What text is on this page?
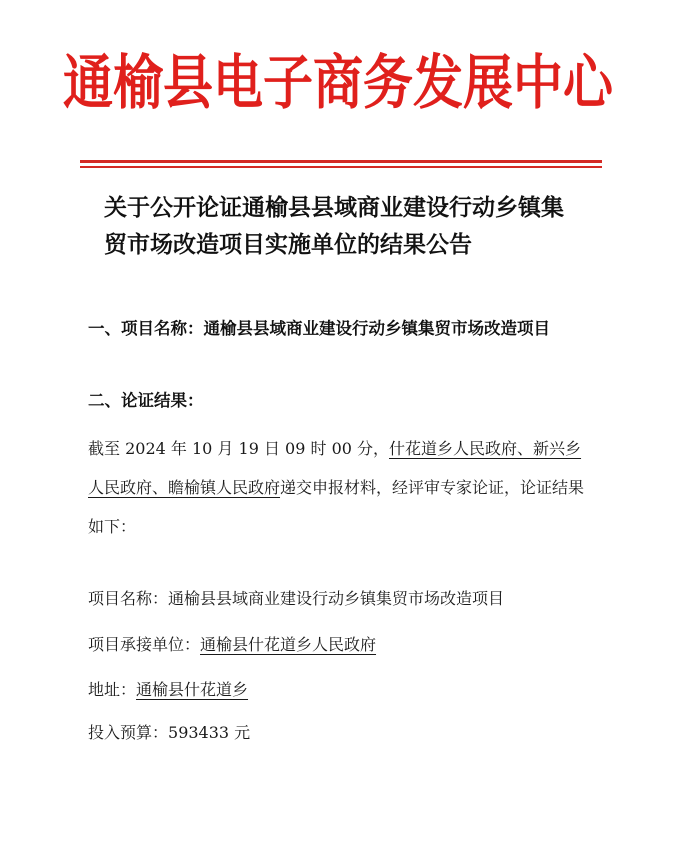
通榆县电子商务发展中心
关于公开论证通榆县县域商业建设行动乡镇集贸市场改造项目实施单位的结果公告
一、项目名称：通榆县县域商业建设行动乡镇集贸市场改造项目
二、论证结果：
截至 2024 年 10 月 19 日 09 时 00 分，什花道乡人民政府、新兴乡人民政府、瞻榆镇人民政府递交申报材料，经评审专家论证，论证结果如下：
项目名称：通榆县县域商业建设行动乡镇集贸市场改造项目
项目承接单位：通榆县什花道乡人民政府
地址：通榆县什花道乡
投入预算：593433 元
